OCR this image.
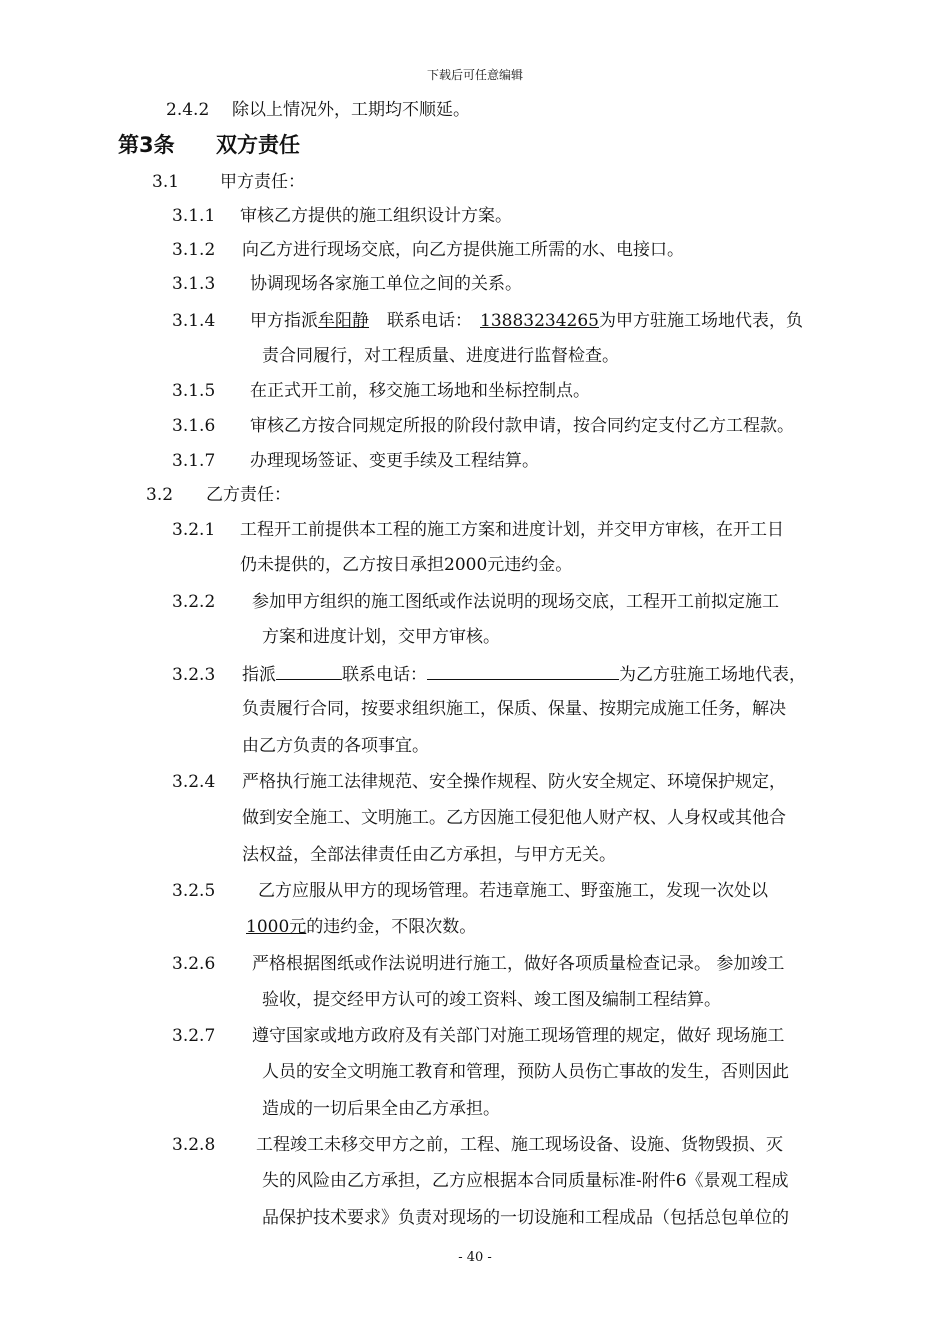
下载后可任意编辑
2.4.2 除以上情况外，工期均不顺延。
第3条 双方责任
3.1 甲方责任：
3.1.1 审核乙方提供的施工组织设计方案。
3.1.2 向乙方进行现场交底，向乙方提供施工所需的水、电接口。
3.1.3 协调现场各家施工单位之间的关系。
3.1.4 甲方指派牟阳静 联系电话： 13883234265为甲方驻施工场地代表，负
责合同履行，对工程质量、进度进行监督检查。
3.1.5 在正式开工前，移交施工场地和坐标控制点。
3.1.6 审核乙方按合同规定所报的阶段付款申请，按合同约定支付乙方工程款。
3.1.7 办理现场签证、变更手续及工程结算。
3.2 乙方责任：
3.2.1 工程开工前提供本工程的施工方案和进度计划，并交甲方审核，在开工日
仍未提供的，乙方按日承担2000元违约金。
3.2.2 参加甲方组织的施工图纸或作法说明的现场交底，工程开工前拟定施工
方案和进度计划，交甲方审核。
3.2.3 指派	联系电话：	为乙方驻施工场地代表，
负责履行合同，按要求组织施工，保质、保量、按期完成施工任务，解决
由乙方负责的各项事宜。
3.2.4 严格执行施工法律规范、安全操作规程、防火安全规定、环境保护规定，
做到安全施工、文明施工。乙方因施工侵犯他人财产权、人身权或其他合
法权益，全部法律责任由乙方承担，与甲方无关。
3.2.5	乙方应服从甲方的现场管理。若违章施工、野蛮施工，发现一次处以
1000元的违约金，不限次数。
3.2.6 严格根据图纸或作法说明进行施工，做好各项质量检查记录。 参加竣工
验收，提交经甲方认可的竣工资料、竣工图及编制工程结算。
3.2.7 遵守国家或地方政府及有关部门对施工现场管理的规定，做好 现场施工
人员的安全文明施工教育和管理，预防人员伤亡事故的发生，否则因此
造成的一切后果全由乙方承担。
3.2.8 工程竣工未移交甲方之前，工程、施工现场设备、设施、货物毁损、灭
失的风险由乙方承担，乙方应根据本合同质量标准-附件6《景观工程成
品保护技术要求》负责对现场的一切设施和工程成品（包括总包单位的
- 40 -
